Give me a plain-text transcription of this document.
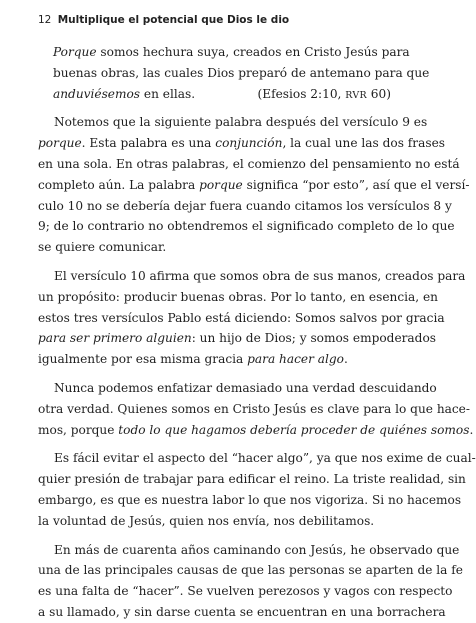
12 Multiplique el potencial que Dios le dio
Porque somos hechura suya, creados en Cristo Jesús para
buenas obras, las cuales Dios preparó de antemano para que
anduviésemos en ellas.	(Efesios 2:10, RVR 60)
Notemos que la siguiente palabra después del versículo 9 es
porque. Esta palabra es una conjunción, la cual une las dos frases
en una sola. En otras palabras, el comienzo del pensamiento no está
completo aún. La palabra porque significa “por esto”, así que el versí-
culo 10 no se debería dejar fuera cuando citamos los versículos 8 y
9; de lo contrario no obtendremos el significado completo de lo que
se quiere comunicar.
El versículo 10 afirma que somos obra de sus manos, creados para
un propósito: producir buenas obras. Por lo tanto, en esencia, en
estos tres versículos Pablo está diciendo: Somos salvos por gracia
para ser primero alguien: un hijo de Dios; y somos empoderados
igualmente por esa misma gracia para hacer algo.
Nunca podemos enfatizar demasiado una verdad descuidando
otra verdad. Quienes somos en Cristo Jesús es clave para lo que hace-
mos, porque todo lo que hagamos debería proceder de quiénes somos.
Es fácil evitar el aspecto del “hacer algo”, ya que nos exime de cual-
quier presión de trabajar para edificar el reino. La triste realidad, sin
embargo, es que es nuestra labor lo que nos vigoriza. Si no hacemos
la voluntad de Jesús, quien nos envía, nos debilitamos.
En más de cuarenta años caminando con Jesús, he observado que
una de las principales causas de que las personas se aparten de la fe
es una falta de “hacer”. Se vuelven perezosos y vagos con respecto
a su llamado, y sin darse cuenta se encuentran en una borrachera
